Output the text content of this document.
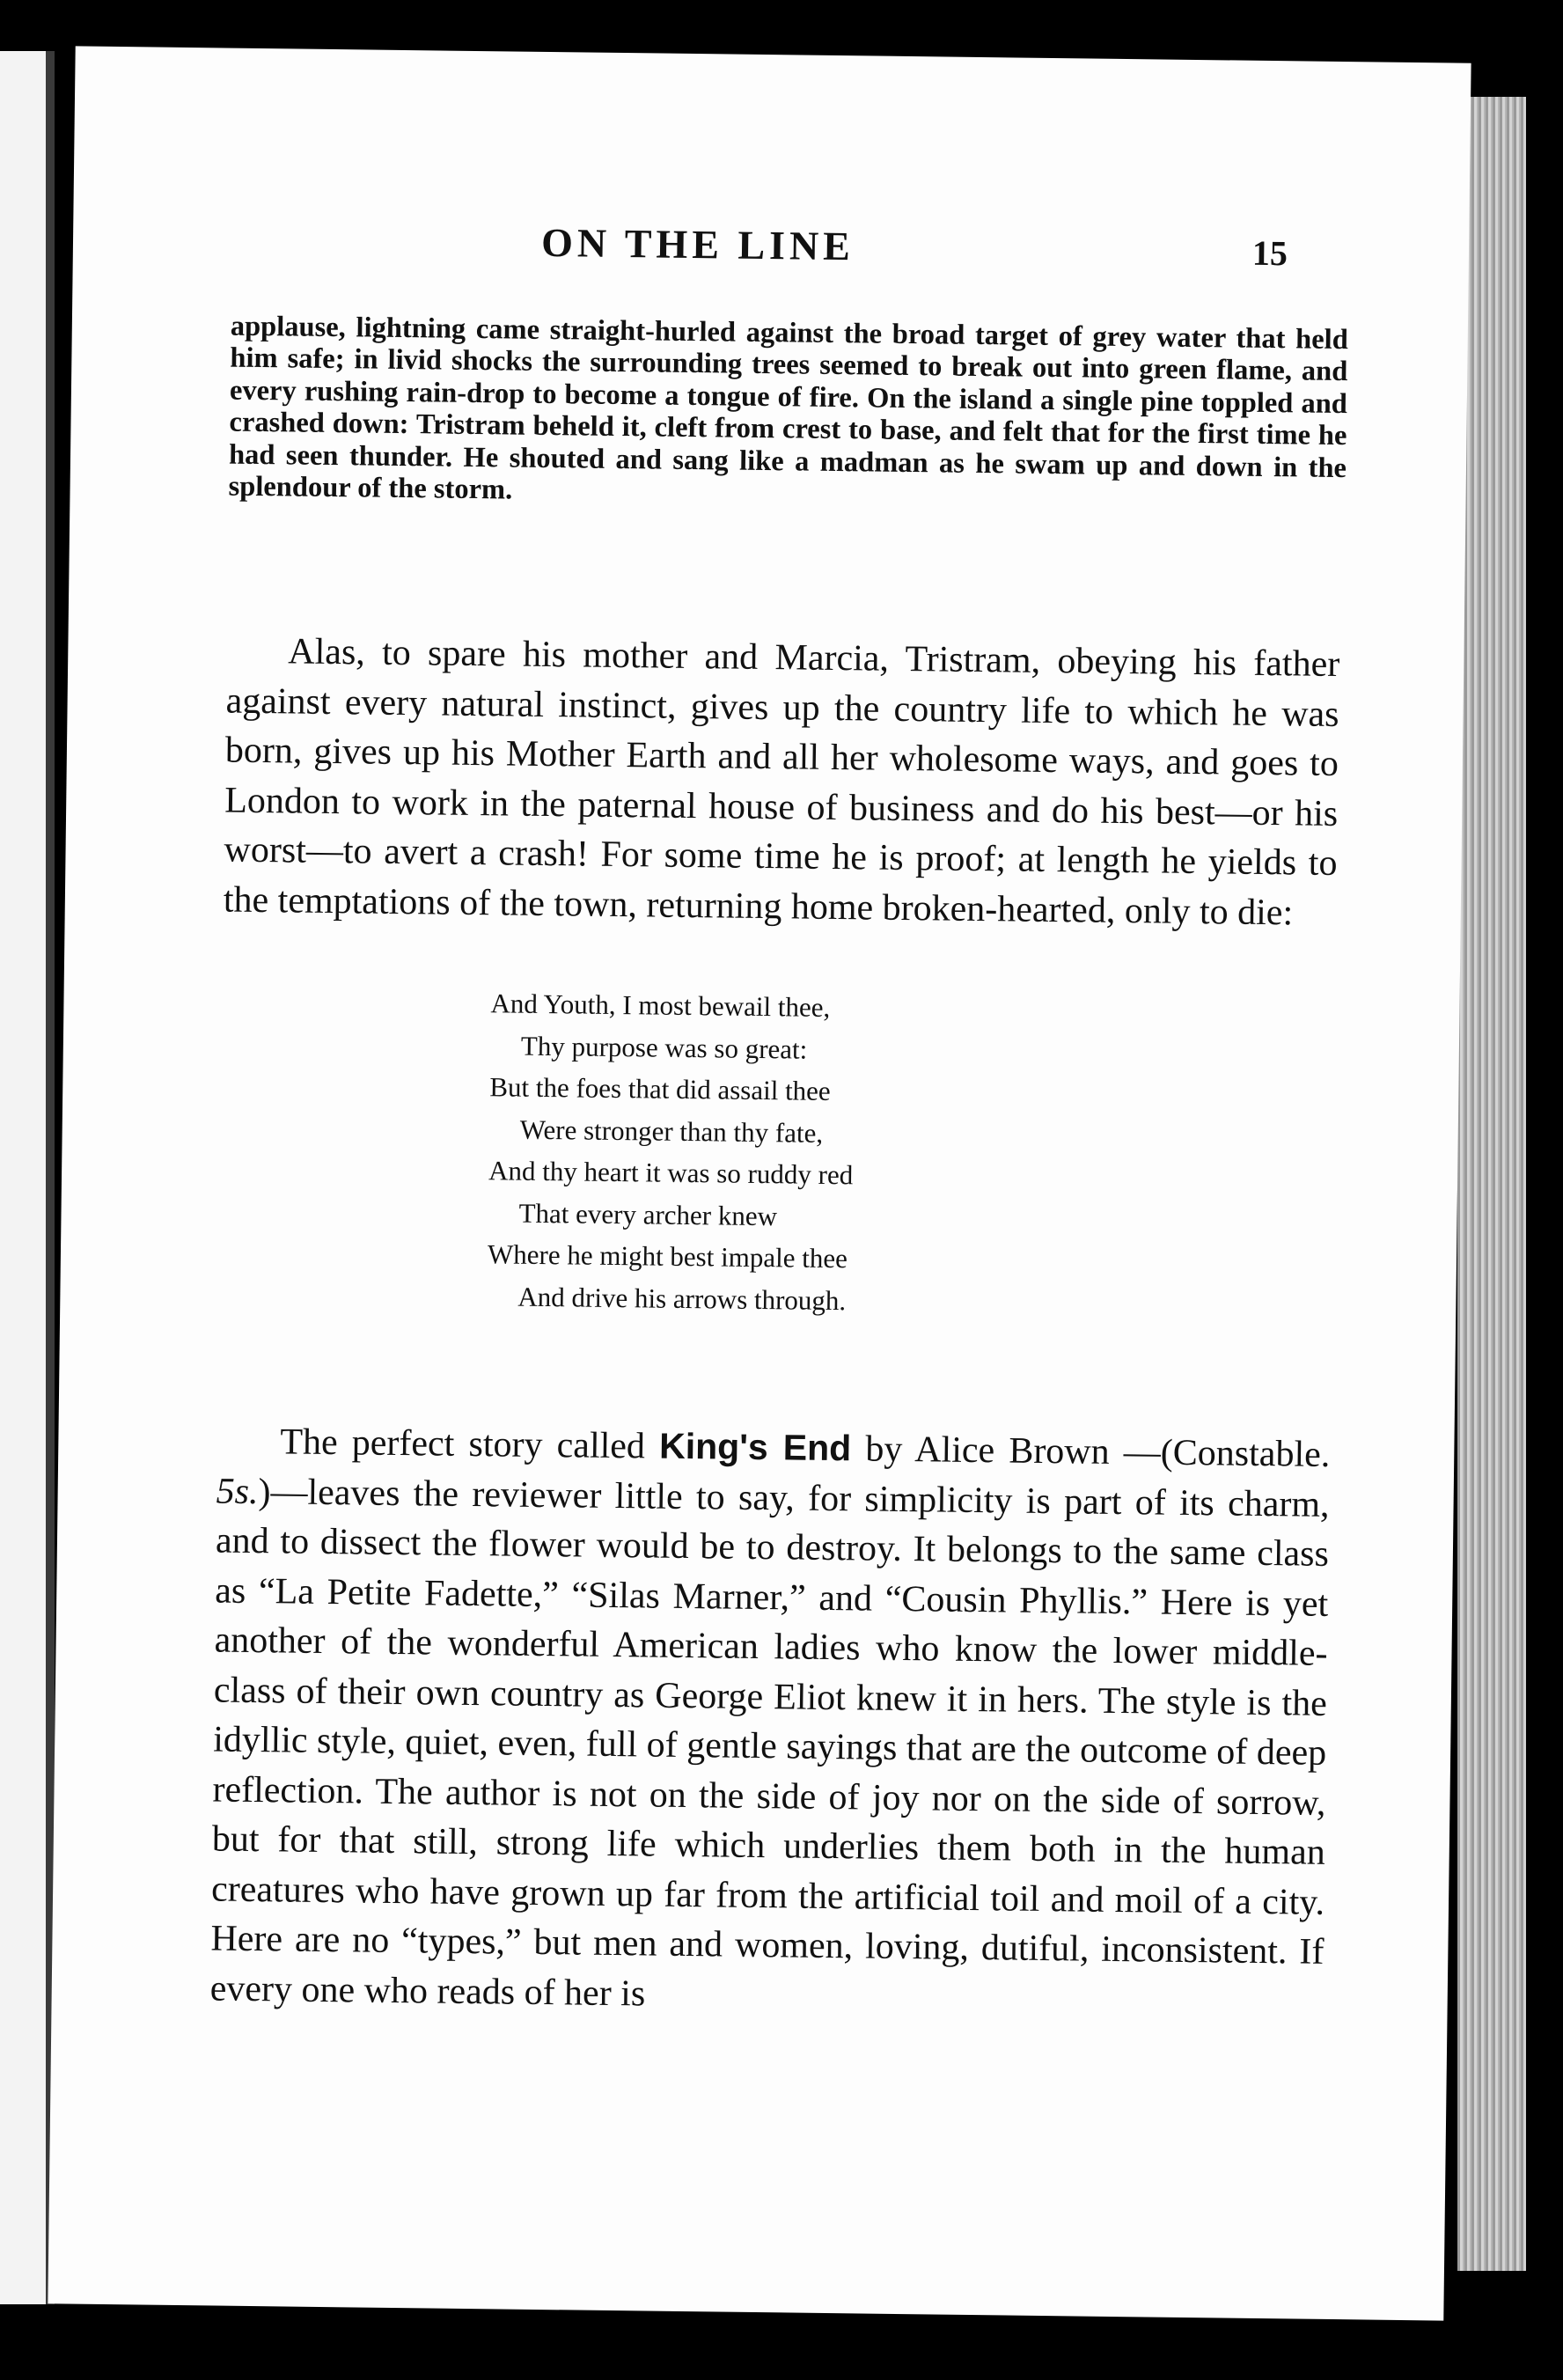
ON THE LINE	15

applause, lightning came straight-hurled against the broad target of grey water that held him safe; in livid shocks the surrounding trees seemed to break out into green flame, and every rushing rain-drop to become a tongue of fire. On the island a single pine toppled and crashed down: Tristram beheld it, cleft from crest to base, and felt that for the first time he had seen thunder. He shouted and sang like a madman as he swam up and down in the splendour of the storm.

Alas, to spare his mother and Marcia, Tristram, obeying his father against every natural instinct, gives up the country life to which he was born, gives up his Mother Earth and all her wholesome ways, and goes to London to work in the paternal house of business and do his best—or his worst—to avert a crash! For some time he is proof; at length he yields to the temptations of the town, returning home broken-hearted, only to die:

And Youth, I most bewail thee,
Thy purpose was so great:
But the foes that did assail thee
Were stronger than thy fate,
And thy heart it was so ruddy red
That every archer knew
Where he might best impale thee
And drive his arrows through.

The perfect story called King's End by Alice Brown —(Constable. 5s.)—leaves the reviewer little to say, for simplicity is part of its charm, and to dissect the flower would be to destroy. It belongs to the same class as “La Petite Fadette,” “Silas Marner,” and “Cousin Phyllis.” Here is yet another of the wonderful American ladies who know the lower middle-class of their own country as George Eliot knew it in hers. The style is the idyllic style, quiet, even, full of gentle sayings that are the outcome of deep reflection. The author is not on the side of joy nor on the side of sorrow, but for that still, strong life which underlies them both in the human creatures who have grown up far from the artificial toil and moil of a city. Here are no “types,” but men and women, loving, dutiful, inconsistent. If every one who reads of her is
